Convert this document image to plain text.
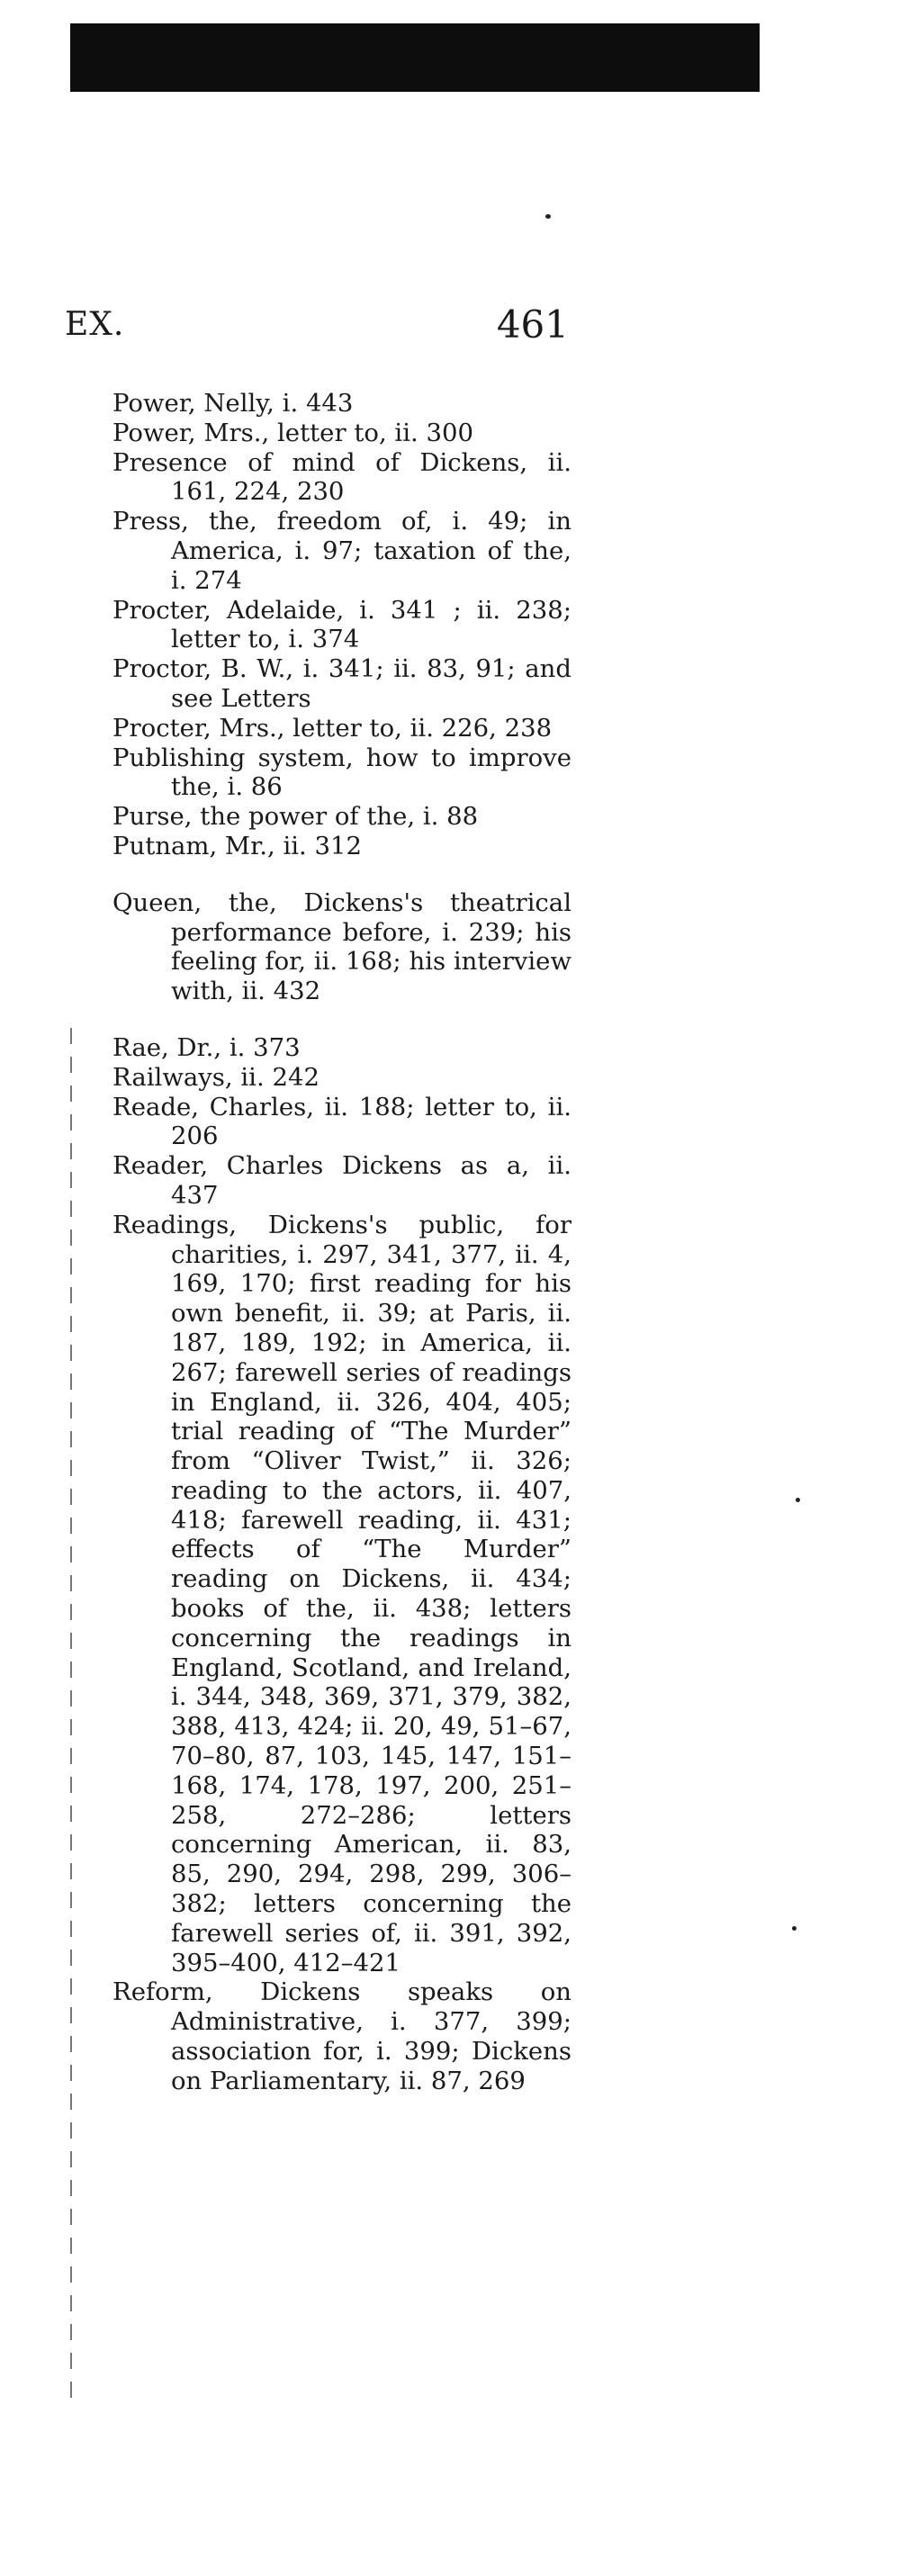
EX.	461
Power, Nelly, i. 443
Power, Mrs., letter to, ii. 300
Presence of mind of Dickens, ii. 161, 224, 230
Press, the, freedom of, i. 49; in America, i. 97; taxation of the, i. 274
Procter, Adelaide, i. 341 ; ii. 238; letter to, i. 374
Proctor, B. W., i. 341; ii. 83, 91; and see Letters
Procter, Mrs., letter to, ii. 226, 238
Publishing system, how to improve the, i. 86
Purse, the power of the, i. 88
Putnam, Mr., ii. 312
Queen, the, Dickens's theatrical performance before, i. 239; his feeling for, ii. 168; his interview with, ii. 432
Rae, Dr., i. 373
Railways, ii. 242
Reade, Charles, ii. 188; letter to, ii. 206
Reader, Charles Dickens as a, ii. 437
Readings, Dickens's public, for charities, i. 297, 341, 377, ii. 4, 169, 170; first reading for his own benefit, ii. 39; at Paris, ii. 187, 189, 192; in America, ii. 267; farewell series of readings in England, ii. 326, 404, 405; trial reading of “The Murder” from “Oliver Twist,” ii. 326; reading to the actors, ii. 407, 418; farewell reading, ii. 431; effects of “The Murder” reading on Dickens, ii. 434; books of the, ii. 438; letters concerning the readings in England, Scotland, and Ireland, i. 344, 348, 369, 371, 379, 382, 388, 413, 424; ii. 20, 49, 51–67, 70–80, 87, 103, 145, 147, 151–168, 174, 178, 197, 200, 251–258, 272–286; letters concerning American, ii. 83, 85, 290, 294, 298, 299, 306–382; letters concerning the farewell series of, ii. 391, 392, 395–400, 412–421
Reform, Dickens speaks on Administrative, i. 377, 399; association for, i. 399; Dickens on Parliamentary, ii. 87, 269
